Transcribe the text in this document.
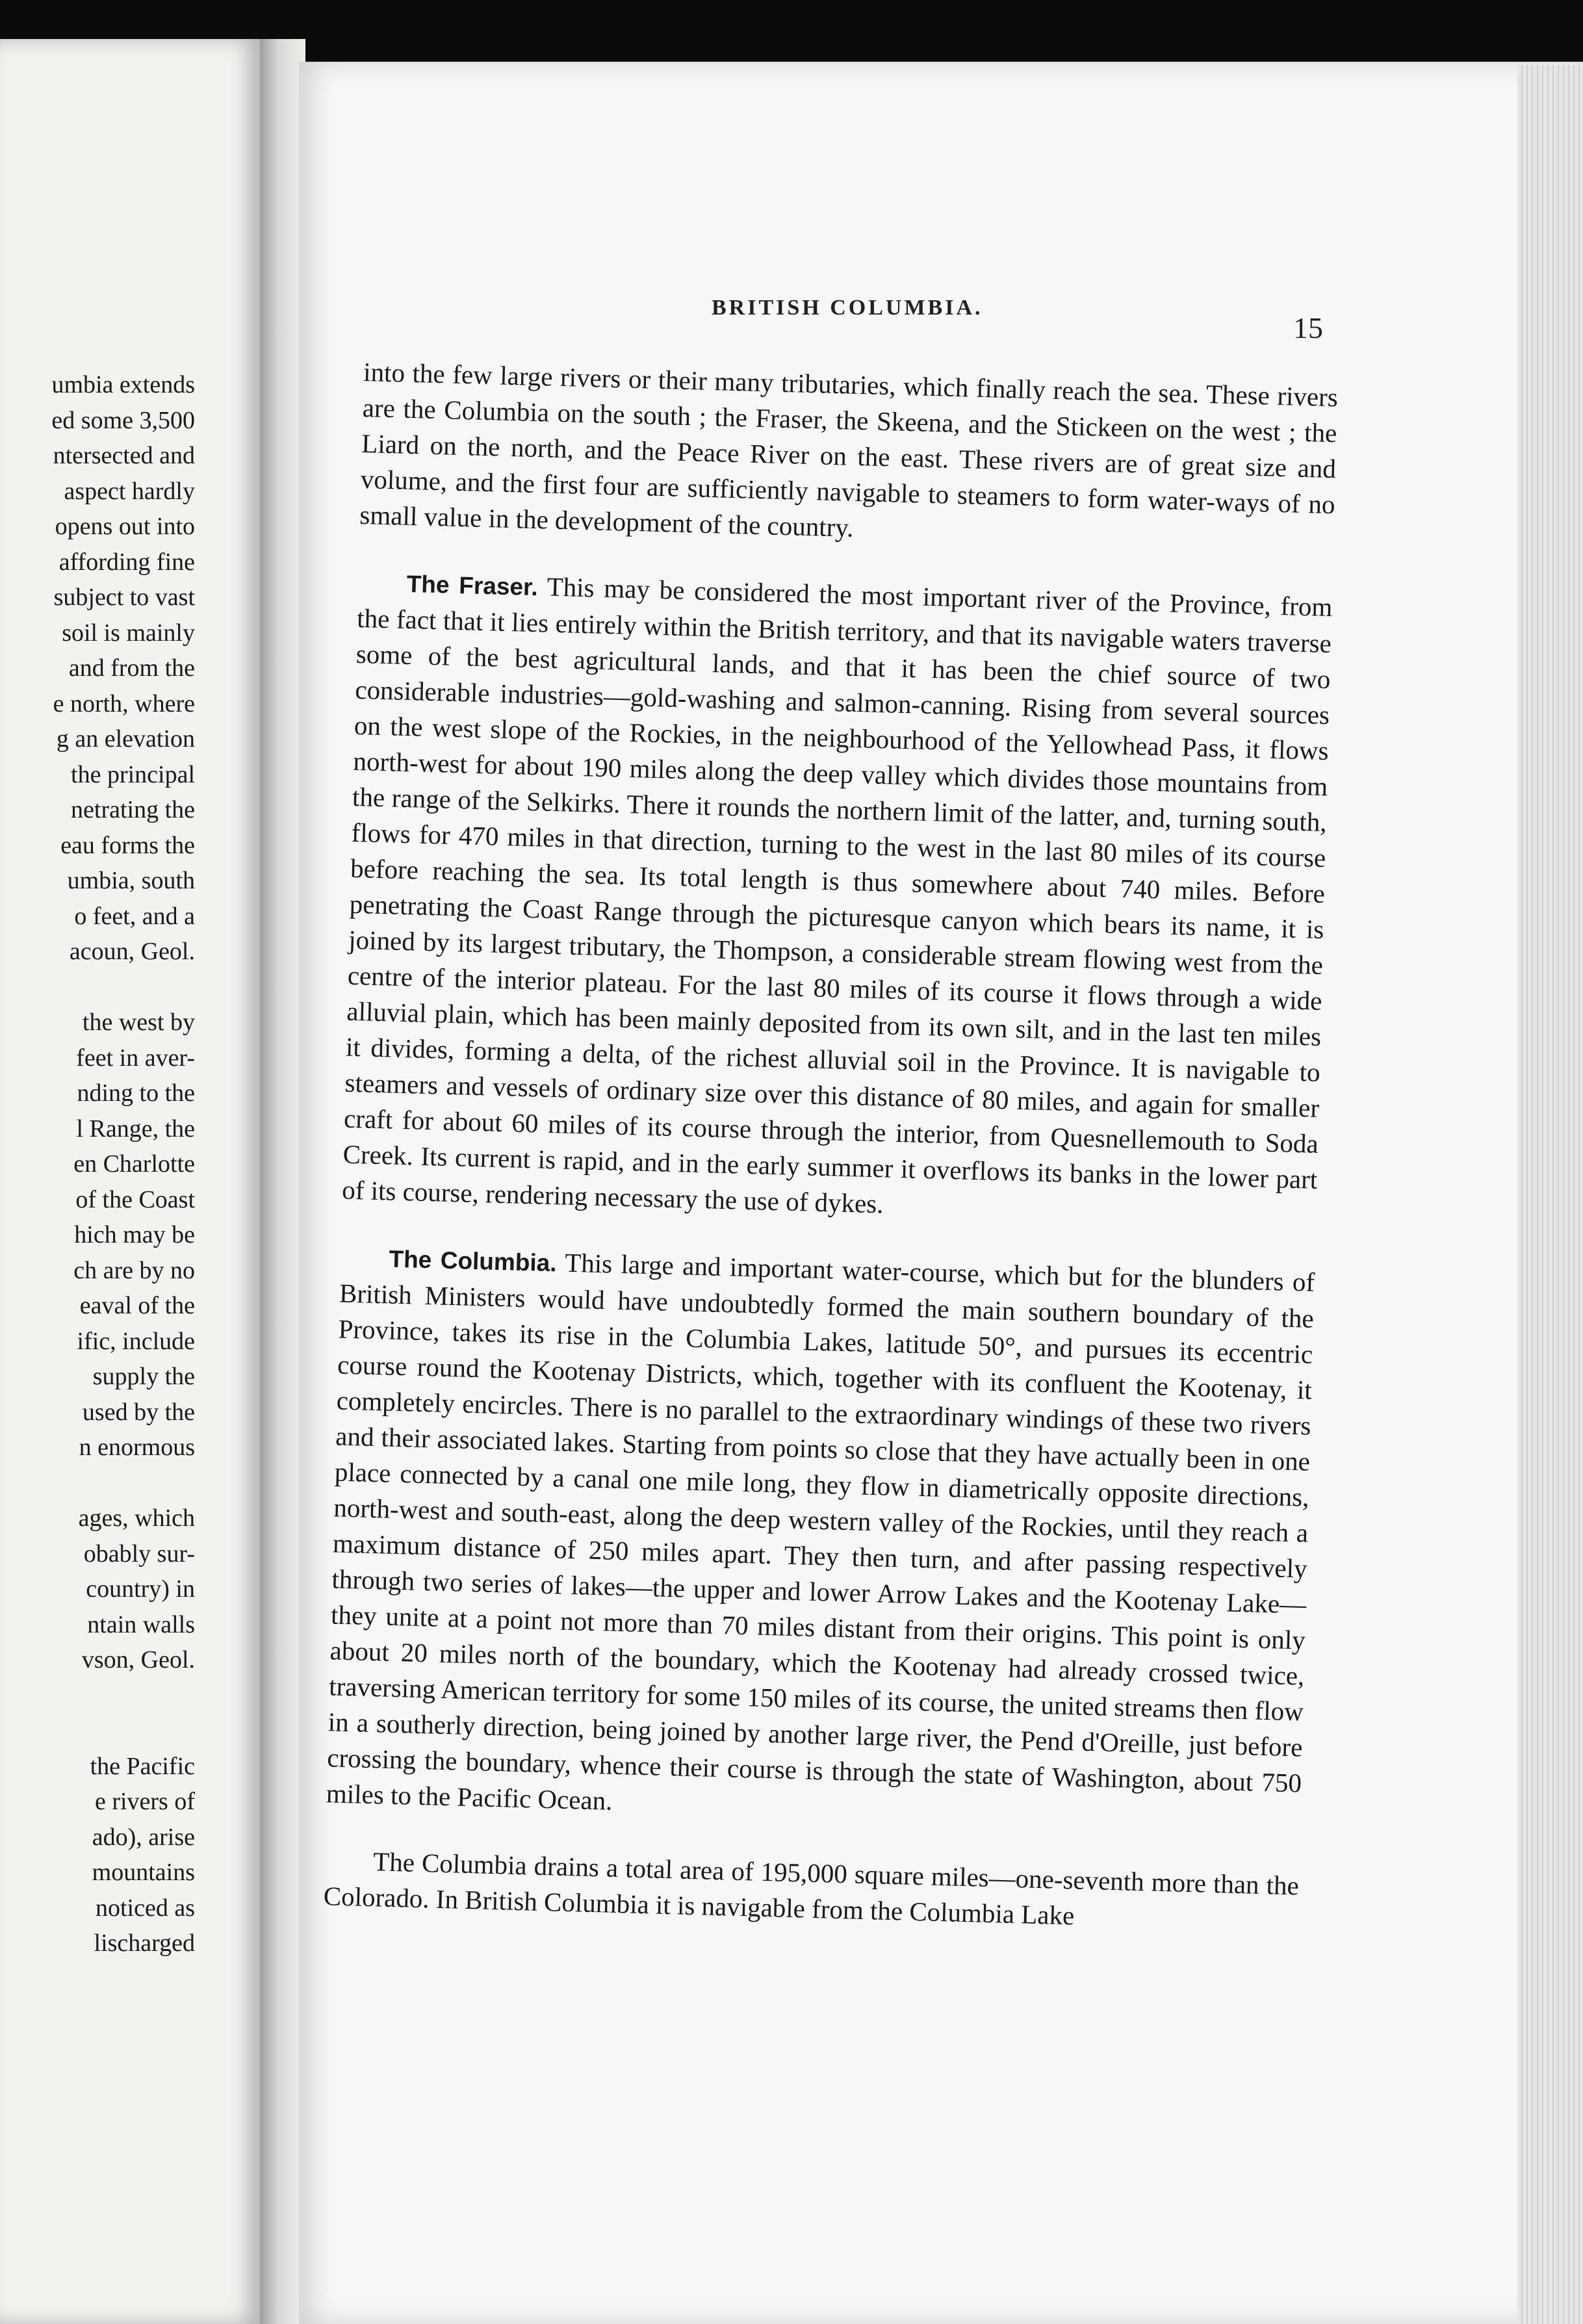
umbia extends
ed some 3,500
ntersected and
aspect hardly
opens out into
affording fine
subject to vast
soil is mainly
and from the
e north, where
g an elevation
the principal
netrating the
eau forms the
umbia, south
o feet, and a
acoun, Geol.
the west by
feet in aver-
nding to the
l Range, the
en Charlotte
of the Coast
hich may be
ch are by no
eaval of the
ific, include
supply the
used by the
n enormous
ages, which
obably sur-
country) in
ntain walls
vson, Geol.
the Pacific
e rivers of
ado), arise
mountains
noticed as
lischarged
BRITISH COLUMBIA.
15

into the few large rivers or their many tributaries, which finally reach the sea. These rivers are the Columbia on the south ; the Fraser, the Skeena, and the Stickeen on the west ; the Liard on the north, and the Peace River on the east. These rivers are of great size and volume, and the first four are sufficiently navigable to steamers to form water-ways of no small value in the development of the country.

The Fraser. This may be considered the most important river of the Province, from the fact that it lies entirely within the British territory, and that its navigable waters traverse some of the best agricultural lands, and that it has been the chief source of two considerable industries—gold-washing and salmon-canning. Rising from several sources on the west slope of the Rockies, in the neighbourhood of the Yellowhead Pass, it flows north-west for about 190 miles along the deep valley which divides those mountains from the range of the Selkirks. There it rounds the northern limit of the latter, and, turning south, flows for 470 miles in that direction, turning to the west in the last 80 miles of its course before reaching the sea. Its total length is thus somewhere about 740 miles. Before penetrating the Coast Range through the picturesque canyon which bears its name, it is joined by its largest tributary, the Thompson, a considerable stream flowing west from the centre of the interior plateau. For the last 80 miles of its course it flows through a wide alluvial plain, which has been mainly deposited from its own silt, and in the last ten miles it divides, forming a delta, of the richest alluvial soil in the Province. It is navigable to steamers and vessels of ordinary size over this distance of 80 miles, and again for smaller craft for about 60 miles of its course through the interior, from Quesnellemouth to Soda Creek. Its current is rapid, and in the early summer it overflows its banks in the lower part of its course, rendering necessary the use of dykes.

The Columbia. This large and important water-course, which but for the blunders of British Ministers would have undoubtedly formed the main southern boundary of the Province, takes its rise in the Columbia Lakes, latitude 50°, and pursues its eccentric course round the Kootenay Districts, which, together with its confluent the Kootenay, it completely encircles. There is no parallel to the extraordinary windings of these two rivers and their associated lakes. Starting from points so close that they have actually been in one place connected by a canal one mile long, they flow in diametrically opposite directions, north-west and south-east, along the deep western valley of the Rockies, until they reach a maximum distance of 250 miles apart. They then turn, and after passing respectively through two series of lakes—the upper and lower Arrow Lakes and the Kootenay Lake—they unite at a point not more than 70 miles distant from their origins. This point is only about 20 miles north of the boundary, which the Kootenay had already crossed twice, traversing American territory for some 150 miles of its course, the united streams then flow in a southerly direction, being joined by another large river, the Pend d'Oreille, just before crossing the boundary, whence their course is through the state of Washington, about 750 miles to the Pacific Ocean.

The Columbia drains a total area of 195,000 square miles—one-seventh more than the Colorado. In British Columbia it is navigable from the Columbia Lake
